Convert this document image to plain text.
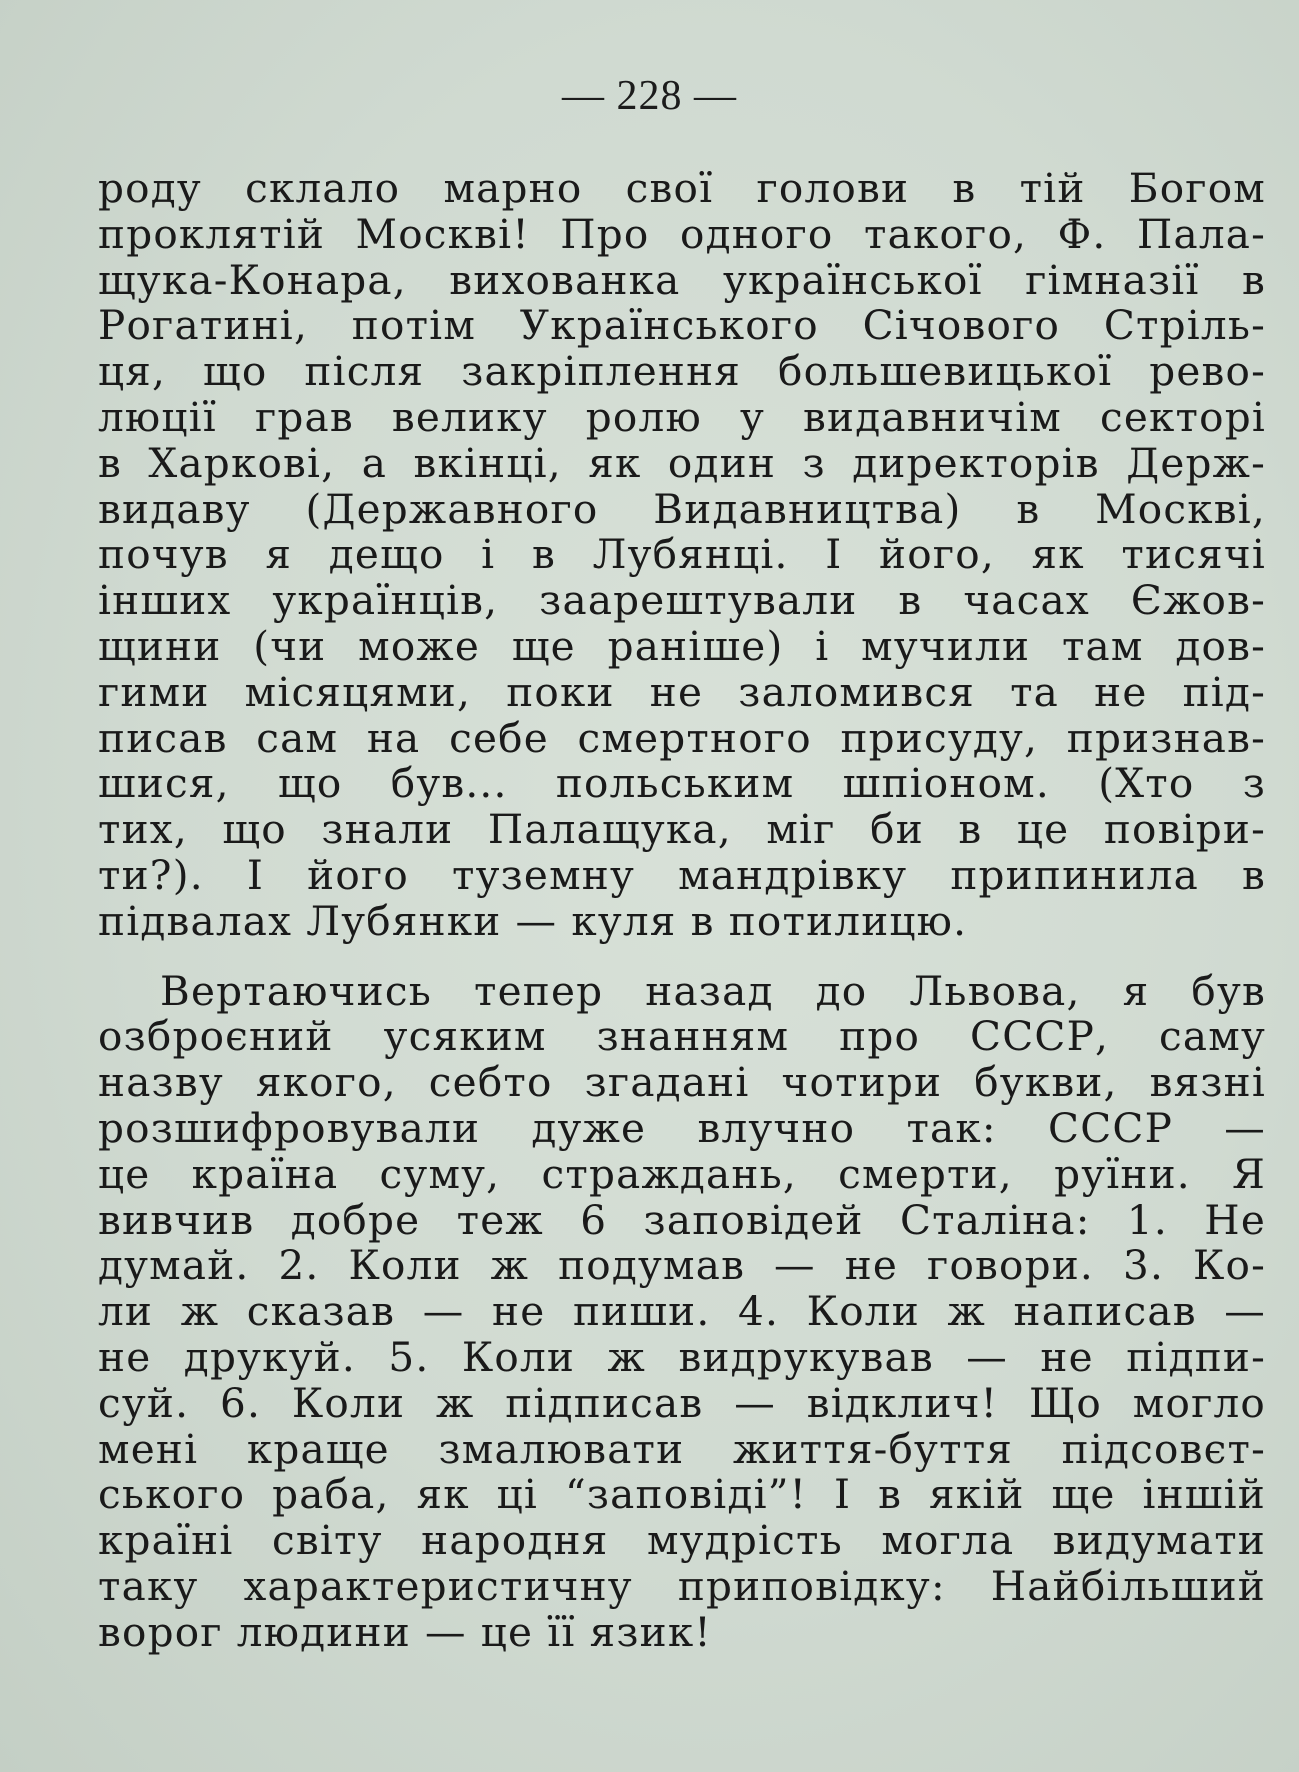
— 228 —
роду склало марно свої голови в тій Богом
проклятій Москві! Про одного такого, Ф. Пала-
щука-Конара, вихованка української гімназії в
Рогатині, потім Українського Січового Стріль-
ця, що після закріплення большевицької рево-
люції грав велику ролю у видавничім секторі
в Харкові, а вкінці, як один з директорів Держ-
видаву (Державного Видавництва) в Москві,
почув я дещо і в Лубянці. І його, як тисячі
інших українців, заарештували в часах Єжов-
щини (чи може ще раніше) і мучили там дов-
гими місяцями, поки не заломився та не під-
писав сам на себе смертного присуду, признав-
шися, що був... польським шпіоном. (Хто з
тих, що знали Палащука, міг би в це повіри-
ти?). І його туземну мандрівку припинила в
підвалах Лубянки — куля в потилицю.
Вертаючись тепер назад до Львова, я був
озброєний усяким знанням про СССР, саму
назву якого, себто згадані чотири букви, вязні
розшифровували дуже влучно так: СССР —
це країна суму, страждань, смерти, руїни. Я
вивчив добре теж 6 заповідей Сталіна: 1. Не
думай. 2. Коли ж подумав — не говори. 3. Ко-
ли ж сказав — не пиши. 4. Коли ж написав —
не друкуй. 5. Коли ж видрукував — не підпи-
суй. 6. Коли ж підписав — відклич! Що могло
мені краще змалювати життя-буття підсовєт-
ського раба, як ці “заповіді”! І в якій ще іншій
країні світу народня мудрість могла видумати
таку характеристичну приповідку: Найбільший
ворог людини — це її язик!
